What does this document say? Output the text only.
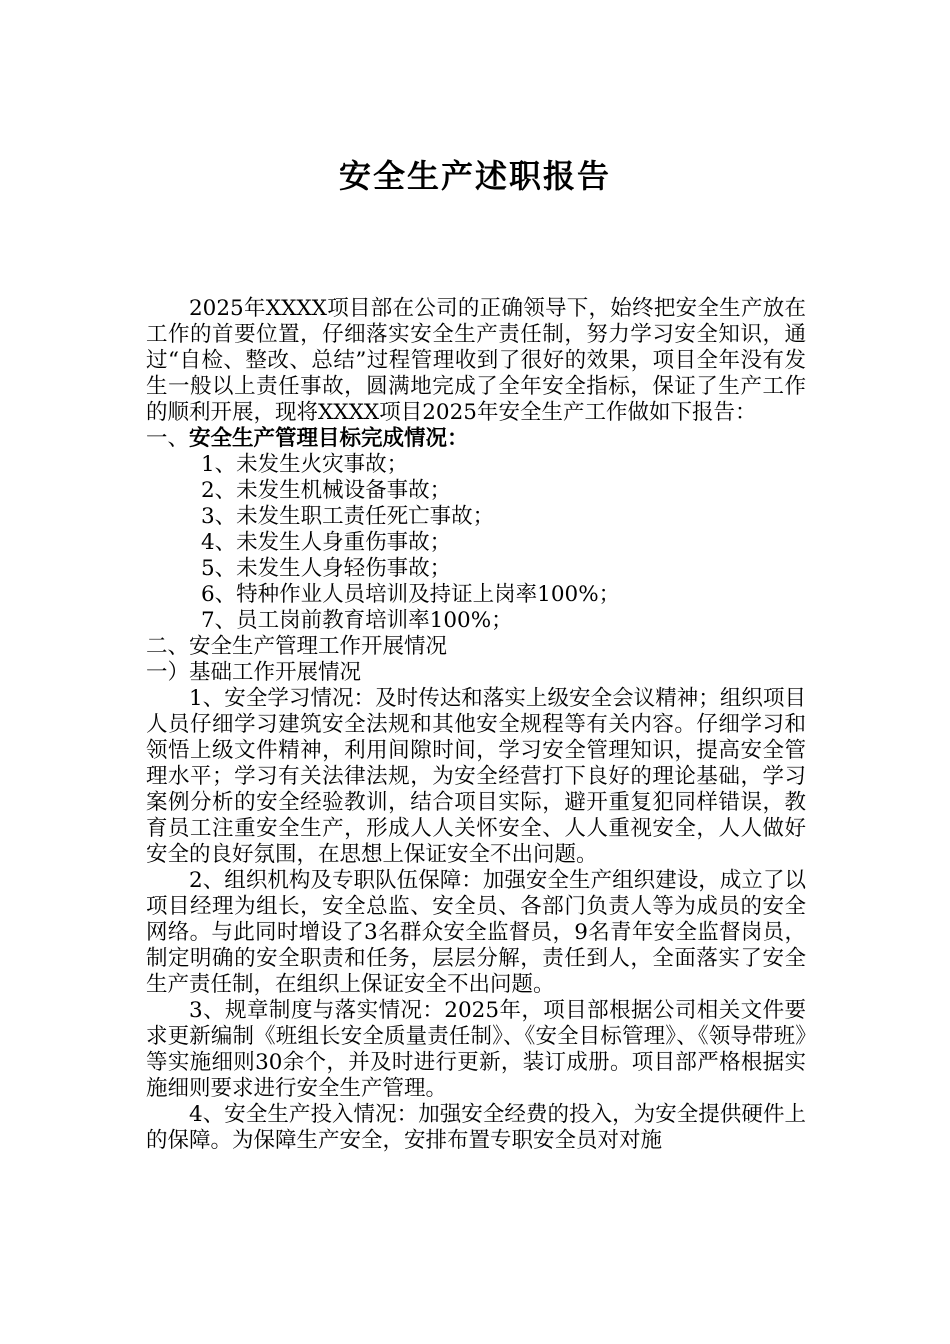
安全生产述职报告

2025年XXXX项目部在公司的正确领导下，始终把安全生产放在工作的首要位置，仔细落实安全生产责任制，努力学习安全知识，通过“自检、整改、总结”过程管理收到了很好的效果，项目全年没有发生一般以上责任事故，圆满地完成了全年安全指标，保证了生产工作的顺利开展，现将XXXX项目2025年安全生产工作做如下报告：

一、安全生产管理目标完成情况：

1、未发生火灾事故；

2、未发生机械设备事故；

3、未发生职工责任死亡事故；

4、未发生人身重伤事故；

5、未发生人身轻伤事故；

6、特种作业人员培训及持证上岗率100%；

7、员工岗前教育培训率100%；

二、安全生产管理工作开展情况

一）基础工作开展情况

1、安全学习情况：及时传达和落实上级安全会议精神；组织项目人员仔细学习建筑安全法规和其他安全规程等有关内容。仔细学习和领悟上级文件精神，利用间隙时间，学习安全管理知识，提高安全管理水平；学习有关法律法规，为安全经营打下良好的理论基础，学习案例分析的安全经验教训，结合项目实际，避开重复犯同样错误，教育员工注重安全生产，形成人人关怀安全、人人重视安全，人人做好安全的良好氛围，在思想上保证安全不出问题。

2、组织机构及专职队伍保障：加强安全生产组织建设，成立了以项目经理为组长，安全总监、安全员、各部门负责人等为成员的安全网络。与此同时增设了3名群众安全监督员，9名青年安全监督岗员，制定明确的安全职责和任务，层层分解，责任到人，全面落实了安全生产责任制，在组织上保证安全不出问题。

3、规章制度与落实情况：2025年，项目部根据公司相关文件要求更新编制《班组长安全质量责任制》、《安全目标管理》、《领导带班》等实施细则30余个，并及时进行更新，装订成册。项目部严格根据实施细则要求进行安全生产管理。

4、安全生产投入情况：加强安全经费的投入，为安全提供硬件上的保障。为保障生产安全，安排布置专职安全员对对施
